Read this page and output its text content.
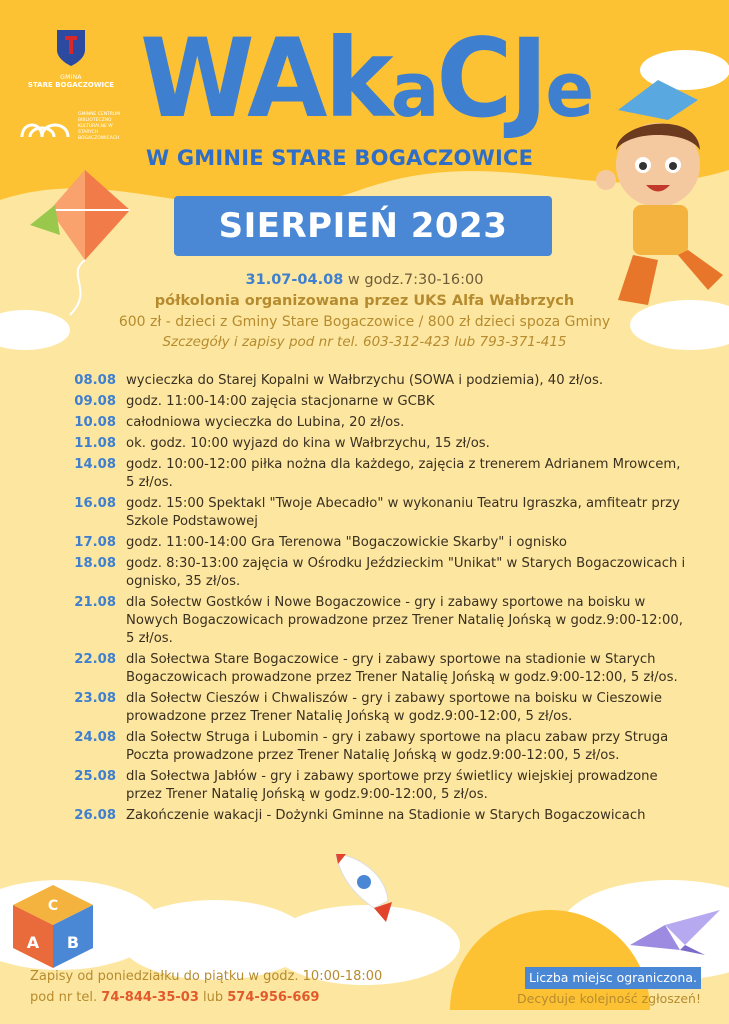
GMINA
STARE BOGACZOWICE
GMINNE CENTRUM BIBLIOTECZNO KULTURALNE W STARYCH BOGACZOWICACH WAkaCJe
W GMINIE STARE BOGACZOWICE
SIERPIEŃ 2023
31.07-04.08 w godz.7:30-16:00
półkolonia organizowana przez UKS Alfa Wałbrzych
600 zł - dzieci z Gminy Stare Bogaczowice / 800 zł dzieci spoza Gminy
Szczegóły i zapisy pod nr tel. 603-312-423 lub 793-371-415
08.08 wycieczka do Starej Kopalni w Wałbrzychu (SOWA i podziemia), 40 zł/os.
09.08 godz. 11:00-14:00 zajęcia stacjonarne w GCBK
10.08 całodniowa wycieczka do Lubina, 20 zł/os.
11.08 ok. godz. 10:00 wyjazd do kina w Wałbrzychu, 15 zł/os.
14.08 godz. 10:00-12:00 piłka nożna dla każdego, zajęcia z trenerem Adrianem Mrowcem, 5 zł/os.
16.08 godz. 15:00 Spektakl "Twoje Abecadło" w wykonaniu Teatru Igraszka, amfiteatr przy Szkole Podstawowej
17.08 godz. 11:00-14:00 Gra Terenowa "Bogaczowickie Skarby" i ognisko
18.08 godz. 8:30-13:00 zajęcia w Ośrodku Jeździeckim "Unikat" w Starych Bogaczowicach i ognisko, 35 zł/os.
21.08 dla Sołectw Gostków i Nowe Bogaczowice - gry i zabawy sportowe na boisku w Nowych Bogaczowicach prowadzone przez Trener Natalię Jońską w godz.9:00-12:00, 5 zł/os.
22.08 dla Sołectwa Stare Bogaczowice - gry i zabawy sportowe na stadionie w Starych Bogaczowicach prowadzone przez Trener Natalię Jońską w godz.9:00-12:00, 5 zł/os.
23.08 dla Sołectw Cieszów i Chwaliszów - gry i zabawy sportowe na boisku w Cieszowie prowadzone przez Trener Natalię Jońską w godz.9:00-12:00, 5 zł/os.
24.08 dla Sołectw Struga i Lubomin - gry i zabawy sportowe na placu zabaw przy Struga Poczta prowadzone przez Trener Natalię Jońską w godz.9:00-12:00, 5 zł/os.
25.08 dla Sołectwa Jabłów - gry i zabawy sportowe przy świetlicy wiejskiej prowadzone przez Trener Natalię Jońską w godz.9:00-12:00, 5 zł/os.
26.08 Zakończenie wakacji - Dożynki Gminne na Stadionie w Starych Bogaczowicach
C
A B
Zapisy od poniedziałku do piątku w godz. 10:00-18:00
pod nr tel. 74-844-35-03 lub 574-956-669
Liczba miejsc ograniczona.
Decyduje kolejność zgłoszeń!
